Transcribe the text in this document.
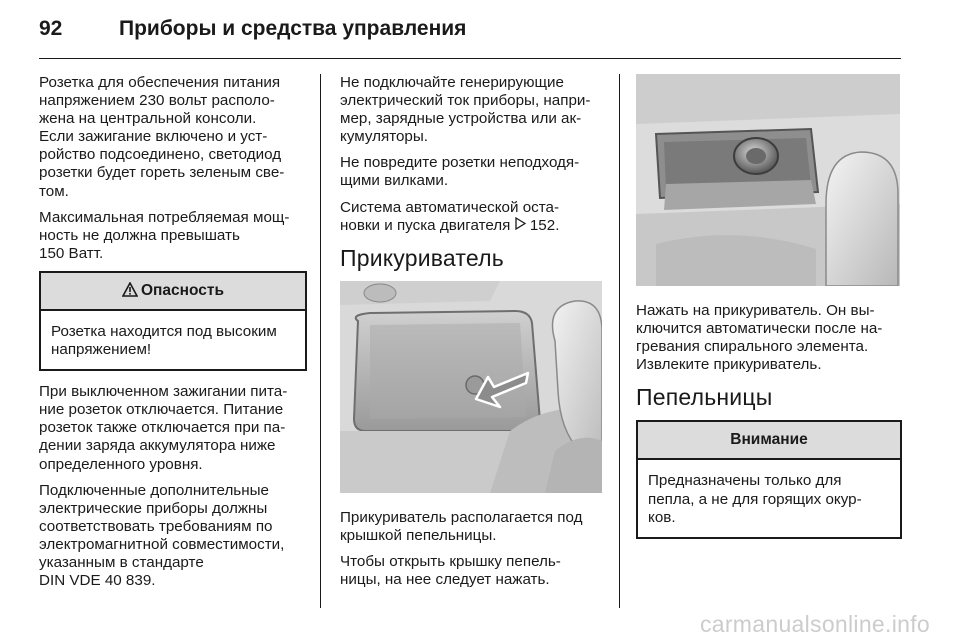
92	Приборы и средства управления

Розетка для обеспечения питания
напряжением 230 вольт располо-
жена на центральной консоли.
Если зажигание включено и уст-
ройство подсоединено, светодиод
розетки будет гореть зеленым све-
том.

Максимальная потребляемая мощ-
ность не должна превышать
150 Ватт.

Опасность
Розетка находится под высоким
напряжением!

При выключенном зажигании пита-
ние розеток отключается. Питание
розеток также отключается при па-
дении заряда аккумулятора ниже
определенного уровня.

Подключенные дополнительные
электрические приборы должны
соответствовать требованиям по
электромагнитной совместимости,
указанным в стандарте
DIN VDE 40 839.

Не подключайте генерирующие
электрический ток приборы, напри-
мер, зарядные устройства или ак-
кумуляторы.

Не повредите розетки неподходя-
щими вилками.

Система автоматической оста-
новки и пуска двигателя 152.

Прикуриватель

Прикуриватель располагается под
крышкой пепельницы.

Чтобы открыть крышку пепель-
ницы, на нее следует нажать.

Нажать на прикуриватель. Он вы-
ключится автоматически после на-
гревания спирального элемента.
Извлеките прикуриватель.

Пепельницы
Внимание
Предназначены только для
пепла, а не для горящих окур-
ков.
carmanualsonline.info
